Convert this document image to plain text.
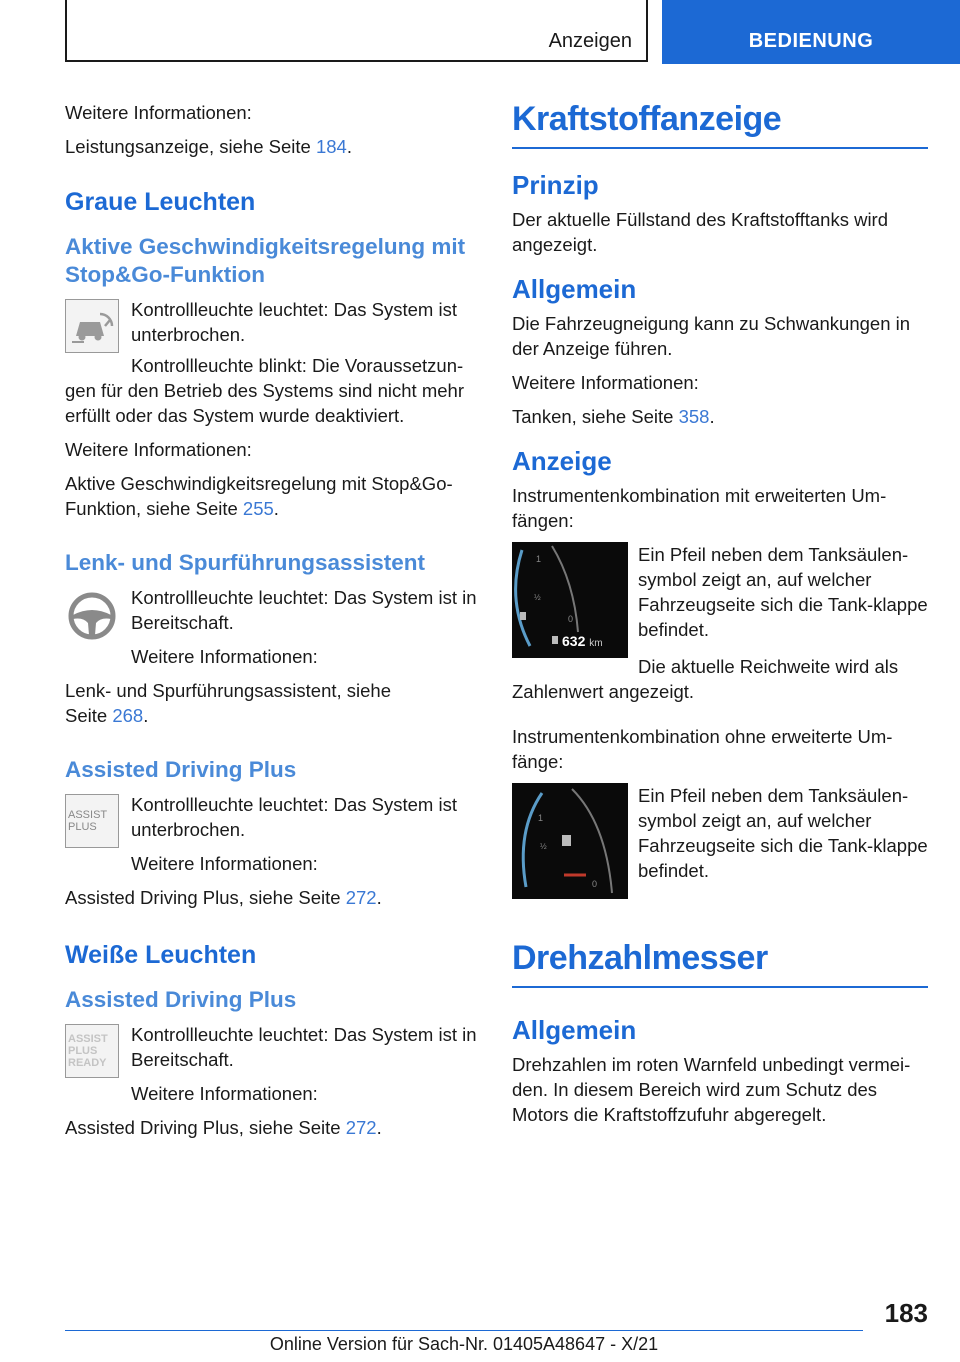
Anzeigen	BEDIENUNG

Weitere Informationen:

Leistungsanzeige, siehe Seite 184.

Graue Leuchten
Aktive Geschwindigkeitsregelung mit Stop&Go-Funktion

Kontrollleuchte leuchtet: Das System ist unterbrochen.

Kontrollleuchte blinkt: Die Voraussetzun-gen für den Betrieb des Systems sind nicht mehr erfüllt oder das System wurde deaktiviert.

Weitere Informationen:

Aktive Geschwindigkeitsregelung mit Stop&Go-Funktion, siehe Seite 255.

Lenk- und Spurführungsassistent

Kontrollleuchte leuchtet: Das System ist in Bereitschaft.

Weitere Informationen:

Lenk- und Spurführungsassistent, siehe Seite 268.

Assisted Driving Plus
ASSIST PLUS

Kontrollleuchte leuchtet: Das System ist unterbrochen.

Weitere Informationen:

Assisted Driving Plus, siehe Seite 272.

Weiße Leuchten
Assisted Driving Plus
ASSIST PLUS READY

Kontrollleuchte leuchtet: Das System ist in Bereitschaft.

Weitere Informationen:

Assisted Driving Plus, siehe Seite 272.

Kraftstoffanzeige
Prinzip

Der aktuelle Füllstand des Kraftstofftanks wird angezeigt.

Allgemein

Die Fahrzeugneigung kann zu Schwankungen in der Anzeige führen.

Weitere Informationen:

Tanken, siehe Seite 358.

Anzeige

Instrumentenkombination mit erweiterten Um-fängen:

1
½
0
632 km

Ein Pfeil neben dem Tanksäulen-symbol zeigt an, auf welcher Fahrzeugseite sich die Tank-klappe befindet.

Die aktuelle Reichweite wird als Zahlenwert angezeigt.

Instrumentenkombination ohne erweiterte Um-fänge:

1
½
0

Ein Pfeil neben dem Tanksäulen-symbol zeigt an, auf welcher Fahrzeugseite sich die Tank-klappe befindet.

Drehzahlmesser
Allgemein

Drehzahlen im roten Warnfeld unbedingt vermei-den. In diesem Bereich wird zum Schutz des Motors die Kraftstoffzufuhr abgeregelt.

183
Online Version für Sach-Nr. 01405A48647 - X/21
